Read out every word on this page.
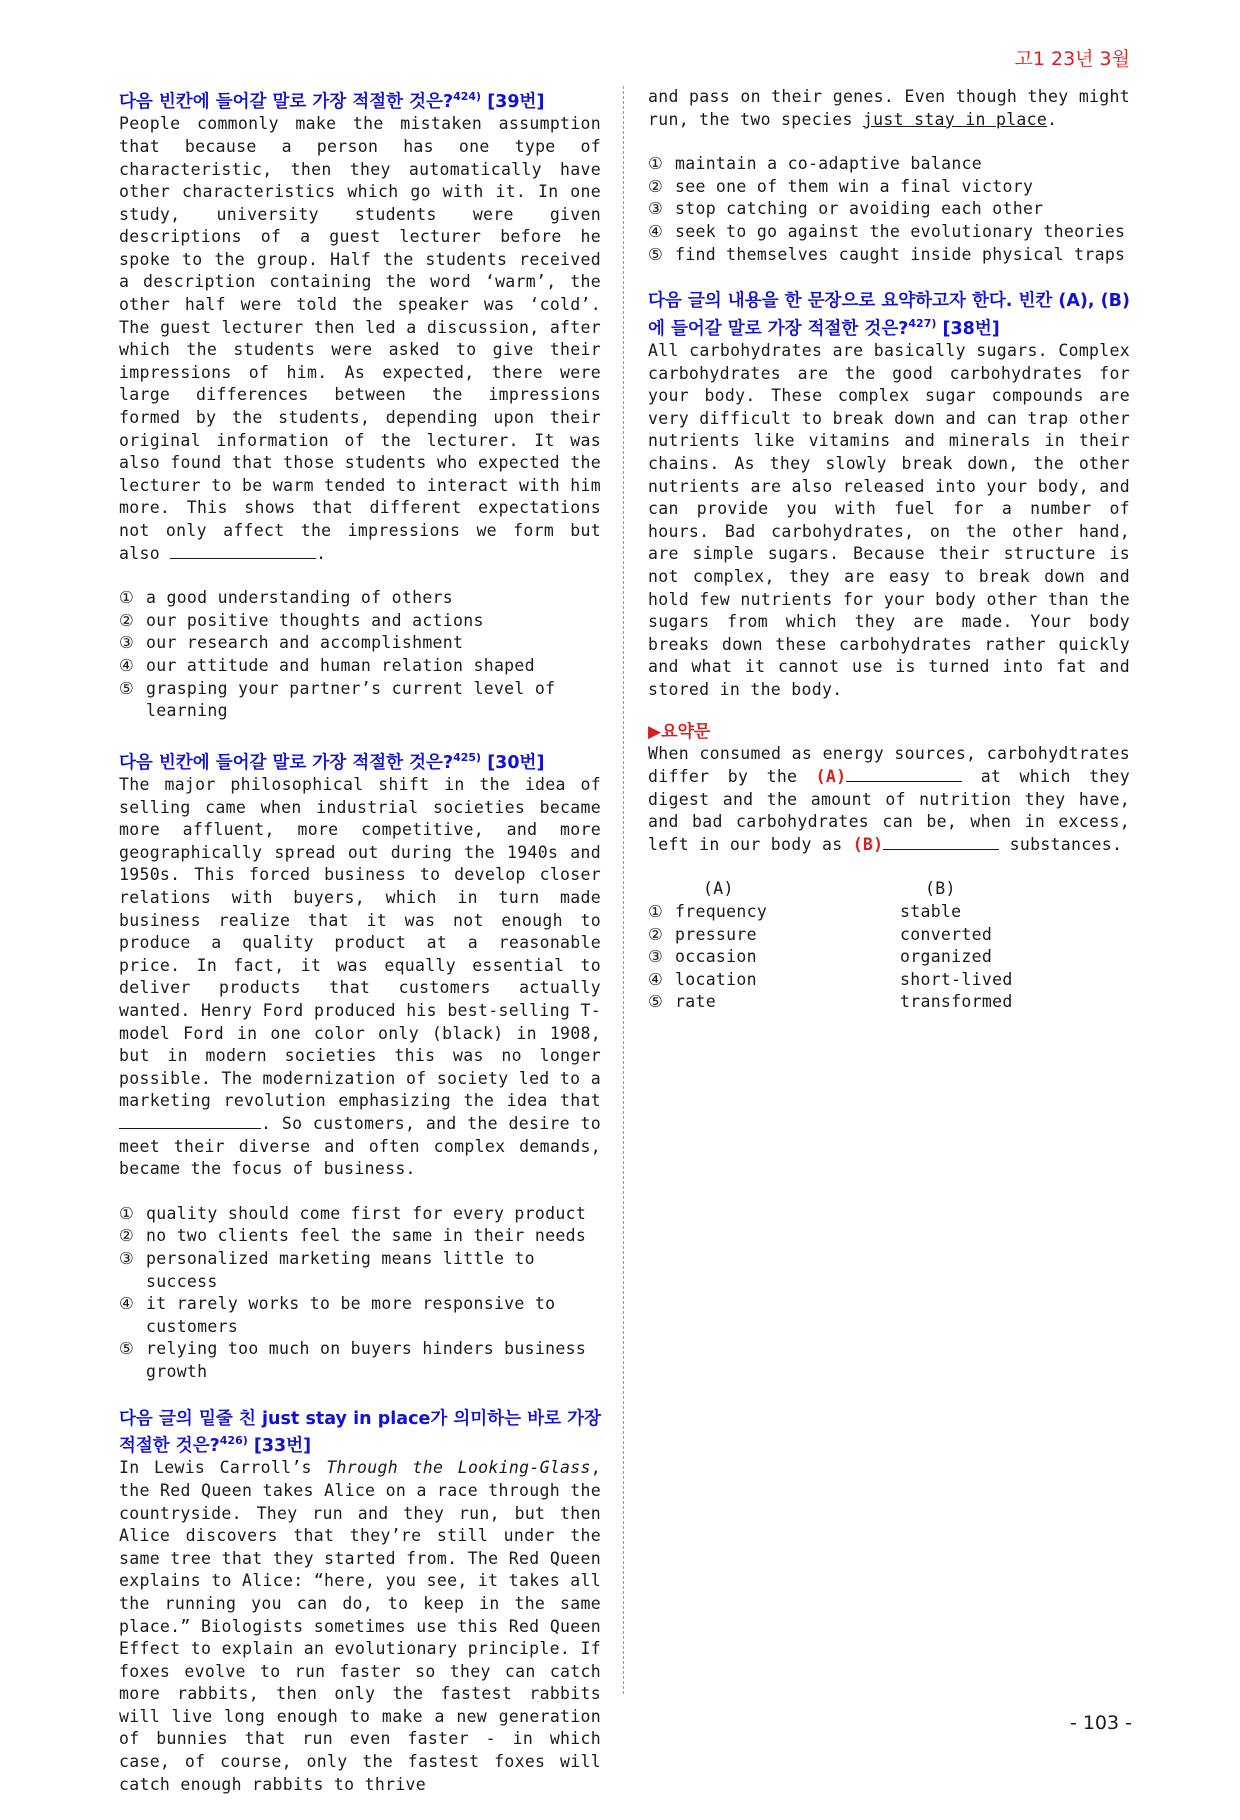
고1 23년 3월
다음 빈칸에 들어갈 말로 가장 적절한 것은?$^{424)}$ [39번]
People commonly make the mistaken assumption that because a person has one type of characteristic, then they automatically have other characteristics which go with it. In one study, university students were given descriptions of a guest lecturer before he spoke to the group. Half the students received a description containing the word ‘warm’, the other half were told the speaker was ‘cold’. The guest lecturer then led a discussion, after which the students were asked to give their impressions of him. As expected, there were large differences between the impressions formed by the students, depending upon their original information of the lecturer. It was also found that those students who expected the lecturer to be warm tended to interact with him more. This shows that different expectations not only affect the impressions we form but also	.
① a good understanding of others
② our positive thoughts and actions
③ our research and accomplishment
④ our attitude and human relation shaped
⑤ grasping your partner’s current level of learning
다음 빈칸에 들어갈 말로 가장 적절한 것은?$^{425)}$ [30번]
The major philosophical shift in the idea of selling came when industrial societies became more affluent, more competitive, and more geographically spread out during the 1940s and 1950s. This forced business to develop closer relations with buyers, which in turn made business realize that it was not enough to produce a quality product at a reasonable price. In fact, it was equally essential to deliver products that customers actually wanted. Henry Ford produced his best-selling T-model Ford in one color only (black) in 1908, but in modern societies this was no longer possible. The modernization of society led to a marketing revolution emphasizing the idea that . So customers, and the desire to meet their diverse and often complex demands, became the focus of business.
① quality should come first for every product
② no two clients feel the same in their needs
③ personalized marketing means little to success
④ it rarely works to be more responsive to customers
⑤ relying too much on buyers hinders business growth
다음 글의 밑줄 친 just stay in place가 의미하는 바로 가장 적절한 것은?$^{426)}$ [33번]
In Lewis Carroll’s Through the Looking-Glass, the Red Queen takes Alice on a race through the countryside. They run and they run, but then Alice discovers that they’re still under the same tree that they started from. The Red Queen explains to Alice: “here, you see, it takes all the running you can do, to keep in the same place.” Biologists sometimes use this Red Queen Effect to explain an evolutionary principle. If foxes evolve to run faster so they can catch more rabbits, then only the fastest rabbits will live long enough to make a new generation of bunnies that run even faster - in which case, of course, only the fastest foxes will catch enough rabbits to thrive
and pass on their genes. Even though they might run, the two species just stay in place.
① maintain a co-adaptive balance
② see one of them win a final victory
③ stop catching or avoiding each other
④ seek to go against the evolutionary theories
⑤ find themselves caught inside physical traps
다음 글의 내용을 한 문장으로 요약하고자 한다. 빈칸 (A), (B)에 들어갈 말로 가장 적절한 것은?$^{427)}$ [38번]
All carbohydrates are basically sugars. Complex carbohydrates are the good carbohydrates for your body. These complex sugar compounds are very difficult to break down and can trap other nutrients like vitamins and minerals in their chains. As they slowly break down, the other nutrients are also released into your body, and can provide you with fuel for a number of hours. Bad carbohydrates, on the other hand, are simple sugars. Because their structure is not complex, they are easy to break down and hold few nutrients for your body other than the sugars from which they are made. Your body breaks down these carbohydrates rather quickly and what it cannot use is turned into fat and stored in the body.
▶요약문
When consumed as energy sources, carbohydtrates differ by the (A)	at which they digest and the amount of nutrition they have, and bad carbohydrates can be, when in excess, left in our body as (B)	substances.
(A)	(B)
① frequency	stable
② pressure	converted
③ occasion	organized
④ location	short-lived
⑤ rate	transformed
- 103 -
